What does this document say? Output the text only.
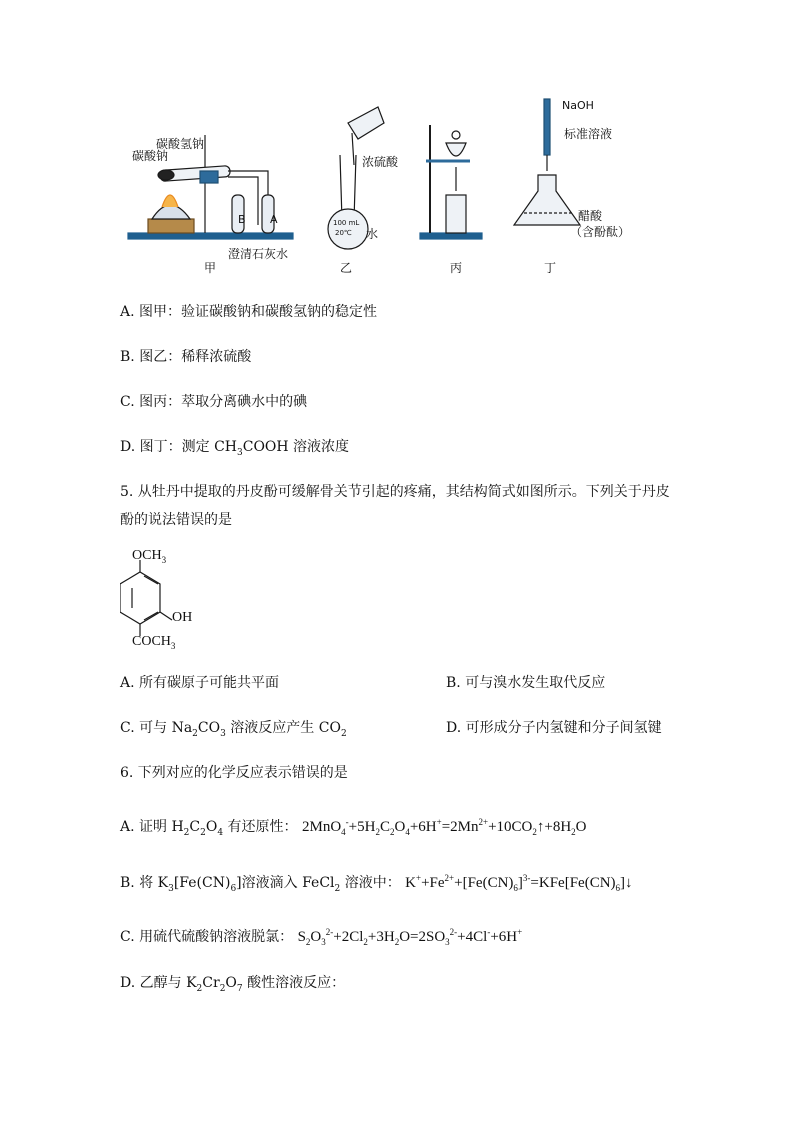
B A	100 mL
20℃
NaOH
碳酸钠
碳酸氢钠
澄清石灰水
甲
浓硫酸
水
乙	丙
标准溶液
醋酸
（含酚酞）
丁
A. 图甲：验证碳酸钠和碳酸氢钠的稳定性
B. 图乙：稀释浓硫酸
C. 图丙：萃取分离碘水中的碘
D. 图丁：测定 $CH_3COOH$ 溶液浓度
5. 从牡丹中提取的丹皮酚可缓解骨关节引起的疼痛，其结构简式如图所示。下列关于丹皮
酚的说法错误的是
$OCH_3$
OH
$COCH_3$
A. 所有碳原子可能共平面	B. 可与溴水发生取代反应
C. 可与 $Na_2CO_3$ 溶液反应产生 $CO_2$	D. 可形成分子内氢键和分子间氢键
6. 下列对应的化学反应表示错误的是
A. 证明 $H_2C_2O_4$ 有还原性： $2MnO_4^-+5H_2C_2O_4+6H^+=2Mn^{2+}+10CO_2↑+8H_2O$
B. 将 $K_3[Fe(CN)_6]$溶液滴入 FeCl$_2$ 溶液中： $K^++Fe^{2+}+[Fe(CN)_6]^{3-}=KFe[Fe(CN)_6]↓$
C. 用硫代硫酸钠溶液脱氯： $S_2O_3^{2-}+2Cl_2+3H_2O=2SO_3^{2-}+4Cl^-+6H^+$
D. 乙醇与 $K_2Cr_2O_7$ 酸性溶液反应：
